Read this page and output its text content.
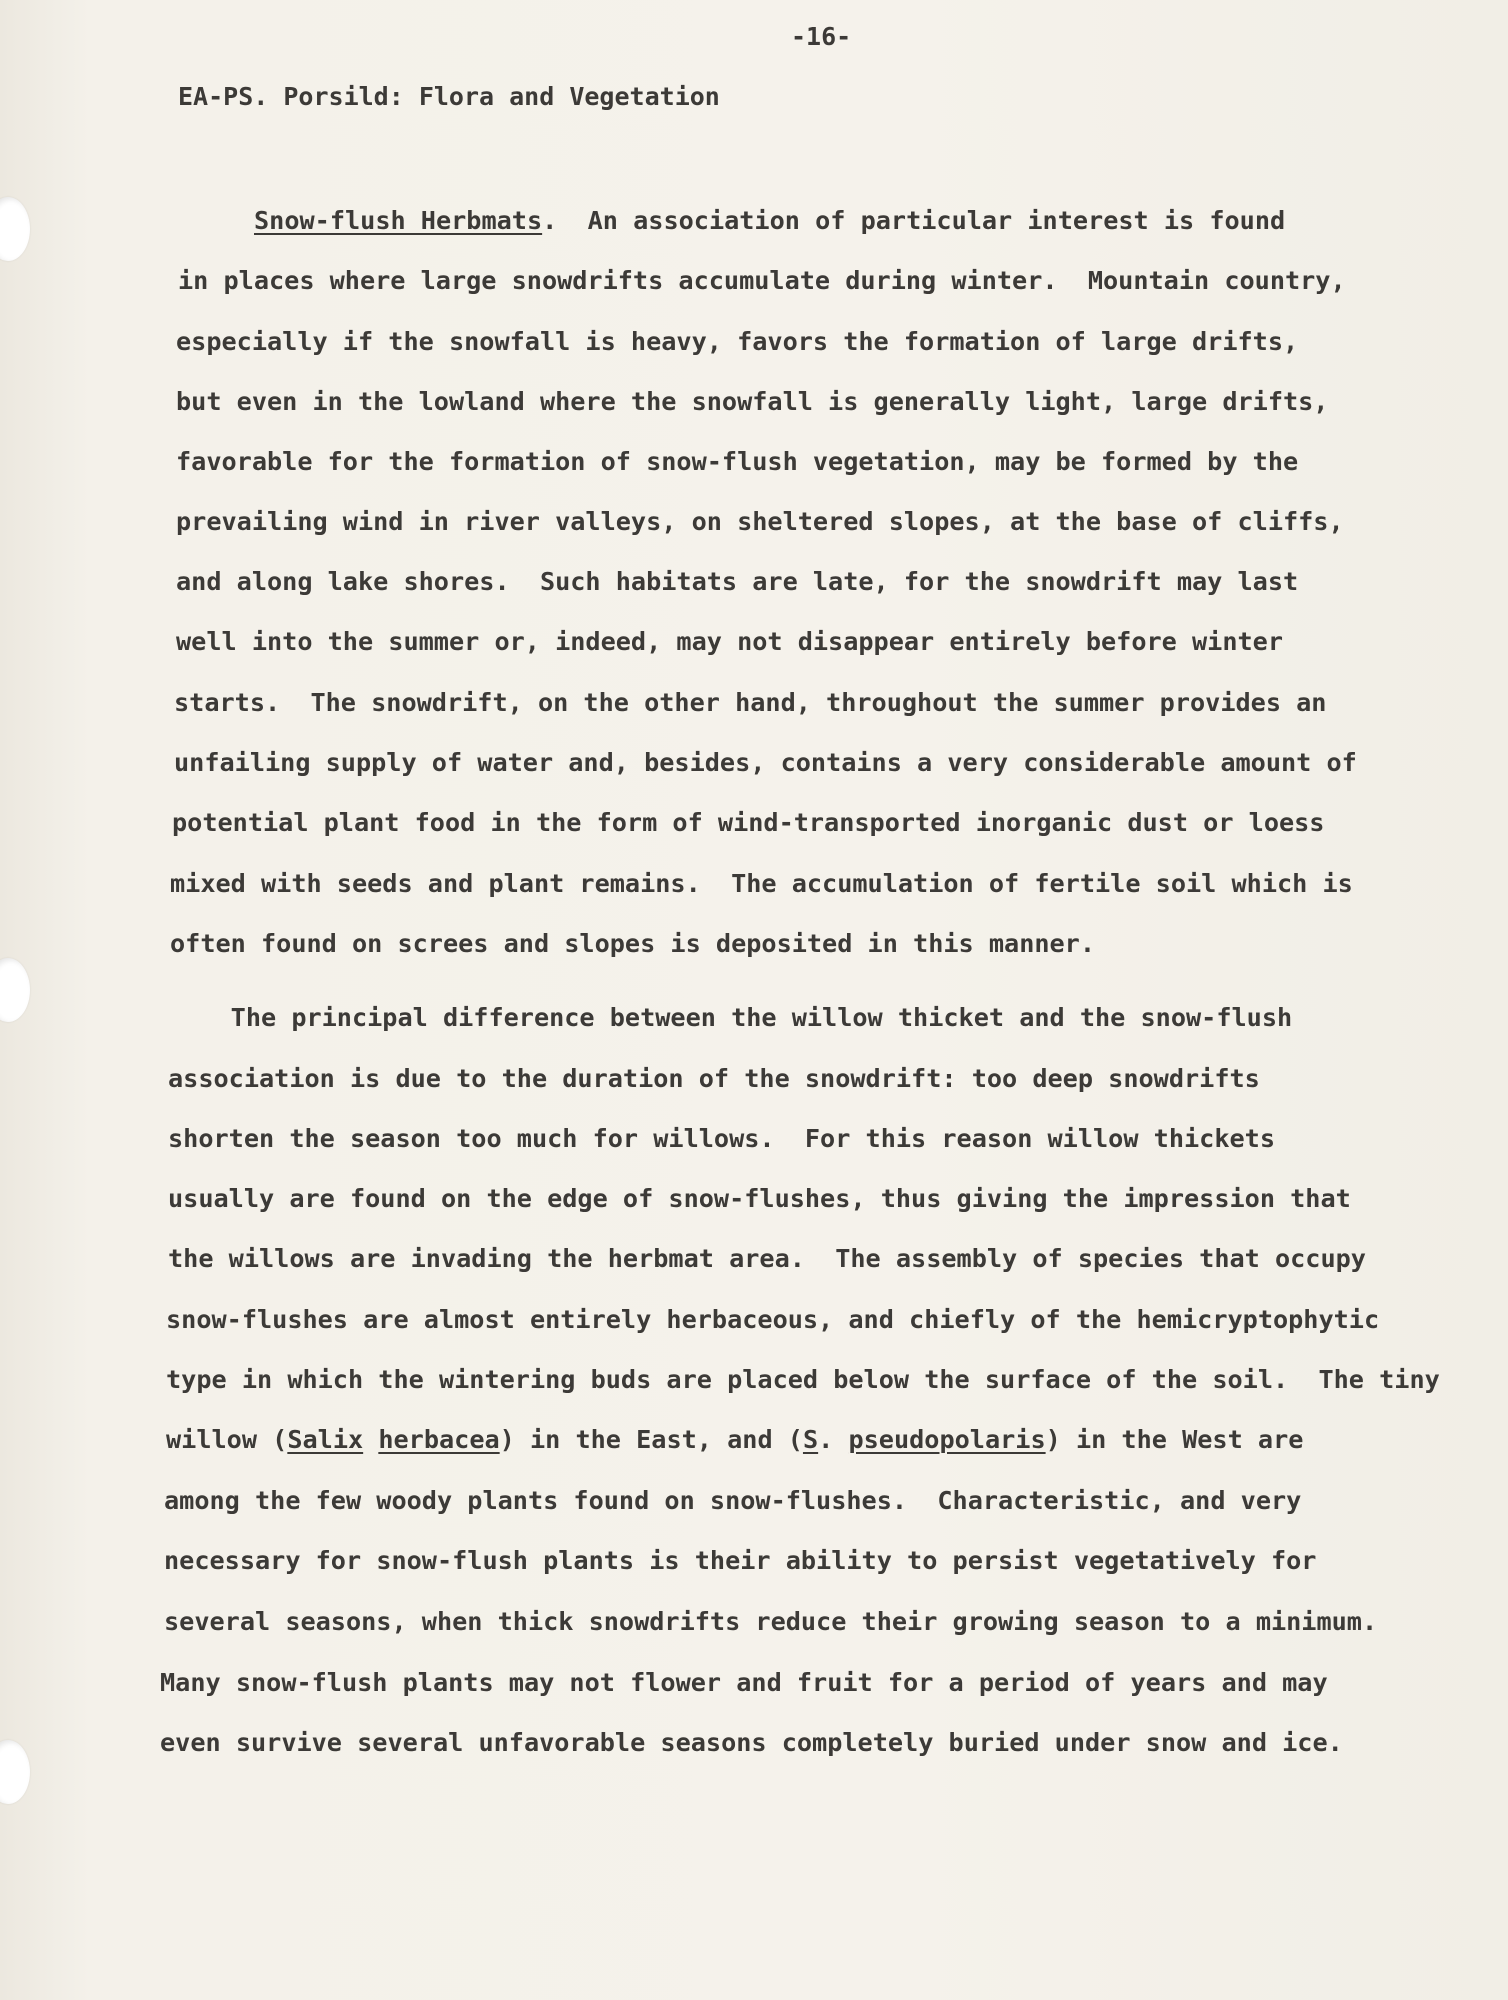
-16-
EA-PS. Porsild: Flora and Vegetation
Snow-flush Herbmats.  An association of particular interest is found
in places where large snowdrifts accumulate during winter.  Mountain country,
especially if the snowfall is heavy, favors the formation of large drifts,
but even in the lowland where the snowfall is generally light, large drifts,
favorable for the formation of snow-flush vegetation, may be formed by the
prevailing wind in river valleys, on sheltered slopes, at the base of cliffs,
and along lake shores.  Such habitats are late, for the snowdrift may last
well into the summer or, indeed, may not disappear entirely before winter
starts.  The snowdrift, on the other hand, throughout the summer provides an
unfailing supply of water and, besides, contains a very considerable amount of
potential plant food in the form of wind-transported inorganic dust or loess
mixed with seeds and plant remains.  The accumulation of fertile soil which is
often found on screes and slopes is deposited in this manner.
The principal difference between the willow thicket and the snow-flush
association is due to the duration of the snowdrift: too deep snowdrifts
shorten the season too much for willows.  For this reason willow thickets
usually are found on the edge of snow-flushes, thus giving the impression that
the willows are invading the herbmat area.  The assembly of species that occupy
snow-flushes are almost entirely herbaceous, and chiefly of the hemicryptophytic
type in which the wintering buds are placed below the surface of the soil.  The tiny
willow (Salix herbacea) in the East, and (S. pseudopolaris) in the West are
among the few woody plants found on snow-flushes.  Characteristic, and very
necessary for snow-flush plants is their ability to persist vegetatively for
several seasons, when thick snowdrifts reduce their growing season to a minimum.
Many snow-flush plants may not flower and fruit for a period of years and may
even survive several unfavorable seasons completely buried under snow and ice.
